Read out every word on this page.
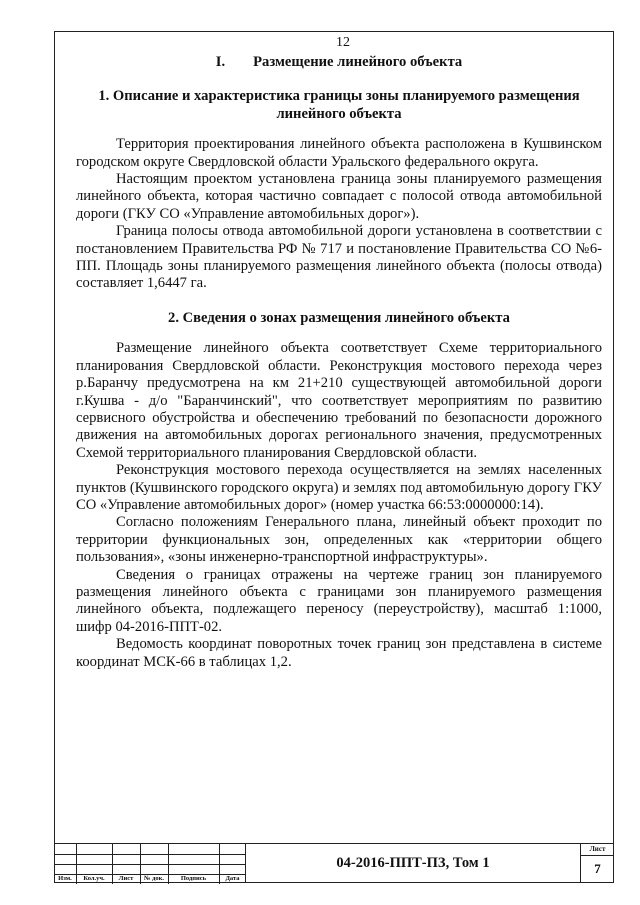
12
I. Размещение линейного объекта
1. Описание и характеристика границы зоны планируемого размещения линейного объекта

Территория проектирования линейного объекта расположена в Кушвинском городском округе Свердловской области Уральского федерального округа.

Настоящим проектом установлена граница зоны планируемого размещения линейного объекта, которая частично совпадает с полосой отвода автомобильной дороги (ГКУ СО «Управление автомобильных дорог»).

Граница полосы отвода автомобильной дороги установлена в соответствии с постановлением Правительства РФ № 717 и постановление Правительства СО №6-ПП. Площадь зоны планируемого размещения линейного объекта (полосы отвода) составляет 1,6447 га.

2. Сведения о зонах размещения линейного объекта

Размещение линейного объекта соответствует Схеме территориального планирования Свердловской области. Реконструкция мостового перехода через р.Баранчу предусмотрена на км 21+210 существующей автомобильной дороги г.Кушва - д/о "Баранчинский", что соответствует мероприятиям по развитию сервисного обустройства и обеспечению требований по безопасности дорожного движения на автомобильных дорогах регионального значения, предусмотренных Схемой территориального планирования Свердловской области.

Реконструкция мостового перехода осуществляется на землях населенных пунктов (Кушвинского городского округа) и землях под автомобильную дорогу ГКУ СО «Управление автомобильных дорог» (номер участка 66:53:0000000:14).

Согласно положениям Генерального плана, линейный объект проходит по территории функциональных зон, определенных как «территории общего пользования», «зоны инженерно-транспортной инфраструктуры».

Сведения о границах отражены на чертеже границ зон планируемого размещения линейного объекта с границами зон планируемого размещения линейного объекта, подлежащего переносу (переустройству), масштаб 1:1000, шифр 04-2016-ППТ-02.

Ведомость координат поворотных точек границ зон представлена в системе координат МСК-66 в таблицах 1,2.

Изм.	Кол.уч.	Лист	№ док.	Подпись	Дата
04-2016-ППТ-ПЗ, Том 1
Лист
7
